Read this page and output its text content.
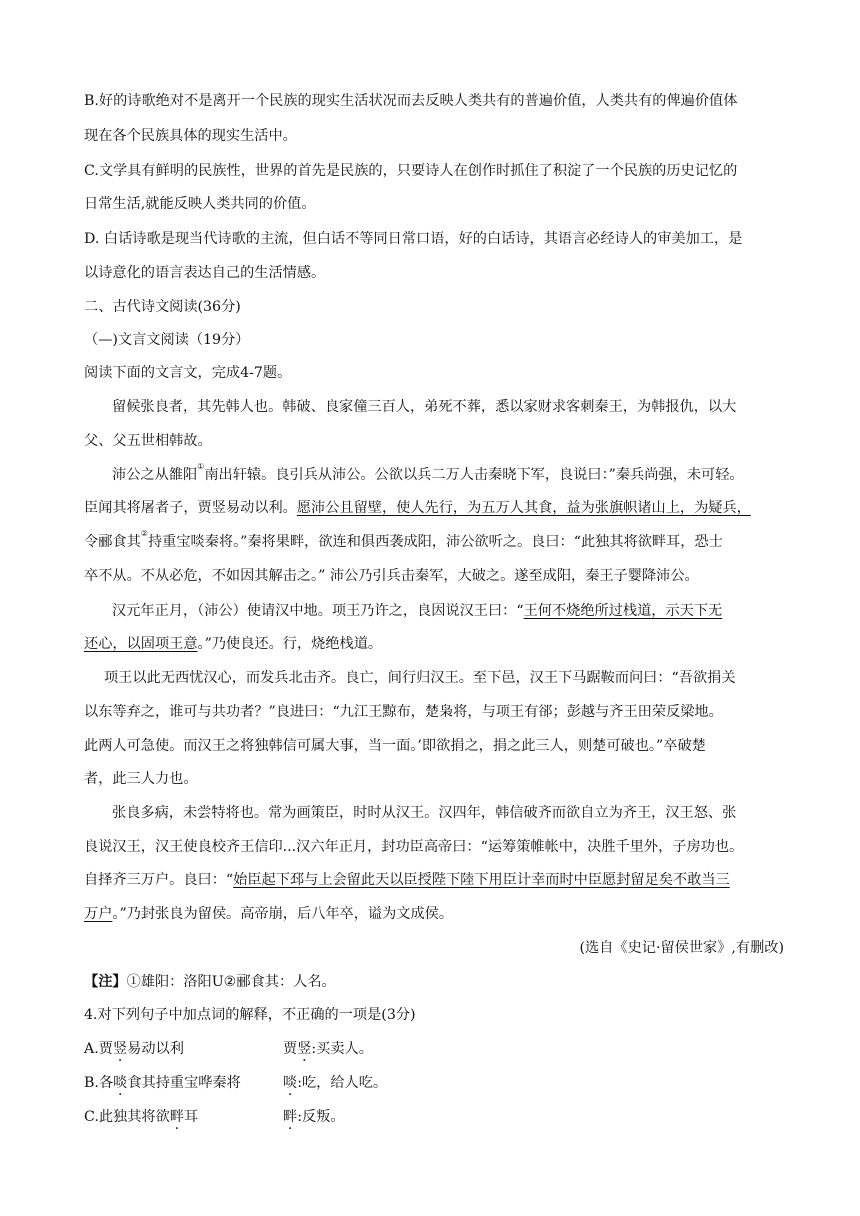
B.好的诗歌绝对不是离开一个民族的现实生活状况而去反映人类共有的普遍价值，人类共有的俾遍价值体
现在各个民族具体的现实生活中。
C.文学具有鲜明的民族性，世界的首先是民族的，只要诗人在创作时抓住了积淀了一个民族的历史记忆的
日常生活,就能反映人类共同的价值。
D. 白话诗歌是现当代诗歌的主流，但白话不等同日常口语，好的白话诗，其语言必经诗人的审美加工，是
以诗意化的语言表达自己的生活情感。
二、古代诗文阅读(36分)
（—)文言文阅读（19分）
阅读下面的文言文，完成4-7题。
留候张良者，其先韩人也。韩破、良家僮三百人，弟死不葬，悉以家财求客刺秦王，为韩报仇，以大
父、父五世相韩故。
沛公之从雒阳①南出轩辕。良引兵从沛公。公欲以兵二万人击秦晓下军，良说曰：”秦兵尚强，未可轻。
臣闻其将屠者子，贾竖易动以利。愿沛公且留壁，使人先行，为五万人其食，益为张旗帜诸山上，为疑兵，
令郦食其②持重宝啖秦将。”秦将果畔，欲连和俱西袭成阳，沛公欲听之。良曰：“此独其将欲畔耳，恐士
卒不从。不从必危，不如因其解击之。” 沛公乃引兵击秦军，大破之。遂至成阳，秦王子婴降沛公。
汉元年正月，（沛公）使请汉中地。项王乃许之，良因说汉王曰：“王何不烧绝所过栈道，示天下无
还心，以固项王意。”乃使良还。行，烧绝栈道。
项王以此无西忧汉心，而发兵北击齐。良亡，间行归汉王。至下邑，汉王下马踞鞍而问曰：“吾欲捐关
以东等弃之，谁可与共功者？”良进曰：“九江王黥布，楚枭将，与项王有郤；彭越与齐王田荣反梁地。
此两人可急使。而汉王之将独韩信可属大事，当一面。’即欲捐之，捐之此三人，则楚可破也。”卒破楚
者，此三人力也。
张良多病，未尝特将也。常为画策臣，时时从汉王。汉四年，韩信破齐而欲自立为齐王，汉王怒、张
良说汉王，汉王使良校齐王信印...汉六年正月，封功臣高帝曰：“运筹策帷帐中，决胜千里外，子房功也。
自择齐三万户。良曰：“始臣起下邳与上会留此天以臣授陛下陸下用臣计幸而时中臣愿封留足矣不敢当三
万户。”乃封张良为留侯。高帝崩，后八年卒，谥为文成侯。
(选自《史记·留侯世家》,有删改)
【注】①雄阳：洛阳U②郦食其：人名。
4.对下列句子中加点词的解释，不正确的一项是(3分)
A.贾竖易动以利	贾竖:买卖人。
B.各啖食其持重宝哗秦将	啖:吃，给人吃。
C.此独其将欲畔耳	畔:反叛。
